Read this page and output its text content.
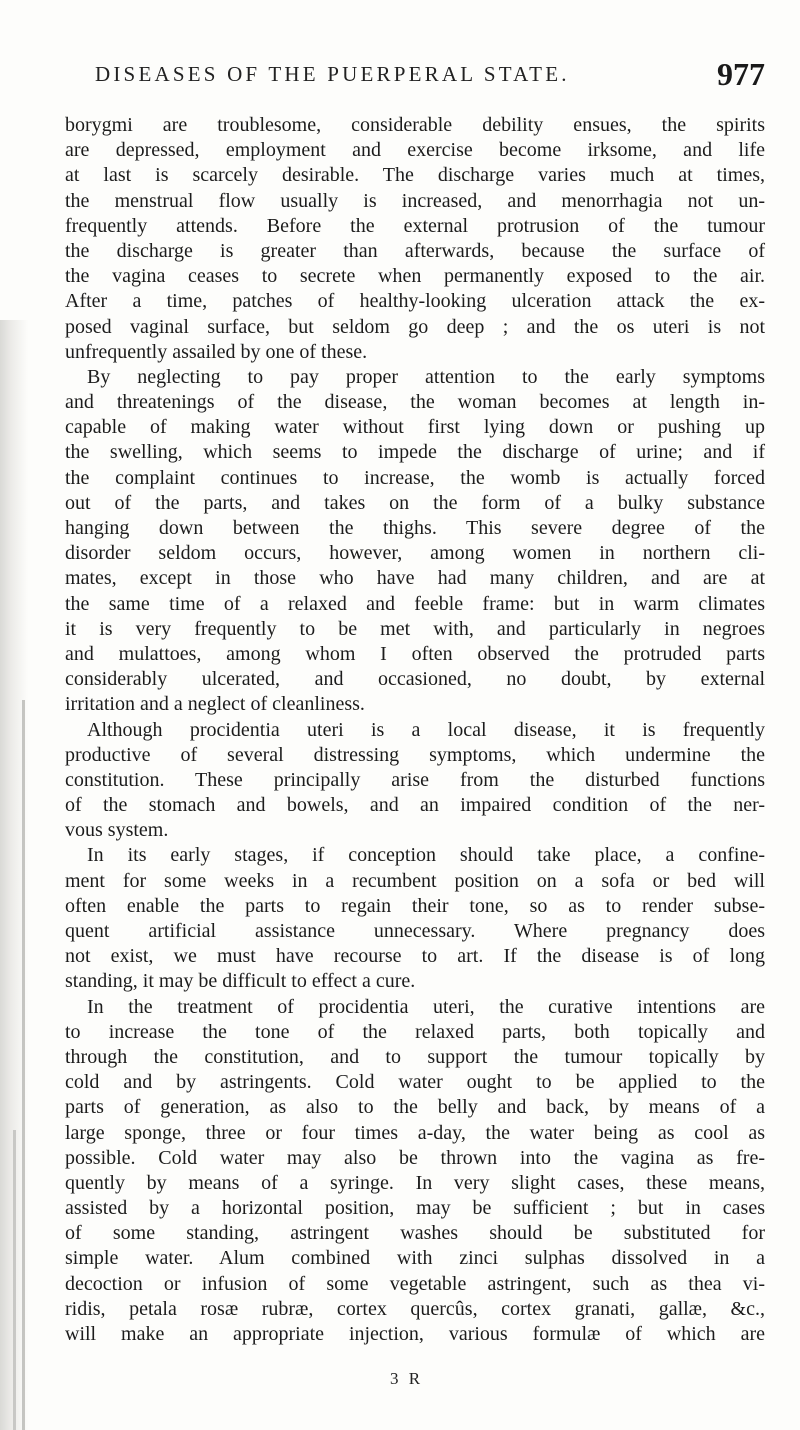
DISEASES OF THE PUERPERAL STATE.	977
borygmi are troublesome, considerable debility ensues, the spirits
are depressed, employment and exercise become irksome, and life
at last is scarcely desirable. The discharge varies much at times,
the menstrual flow usually is increased, and menorrhagia not un-
frequently attends. Before the external protrusion of the tumour
the discharge is greater than afterwards, because the surface of
the vagina ceases to secrete when permanently exposed to the air.
After a time, patches of healthy-looking ulceration attack the ex-
posed vaginal surface, but seldom go deep ; and the os uteri is not
unfrequently assailed by one of these.
By neglecting to pay proper attention to the early symptoms
and threatenings of the disease, the woman becomes at length in-
capable of making water without first lying down or pushing up
the swelling, which seems to impede the discharge of urine; and if
the complaint continues to increase, the womb is actually forced
out of the parts, and takes on the form of a bulky substance
hanging down between the thighs. This severe degree of the
disorder seldom occurs, however, among women in northern cli-
mates, except in those who have had many children, and are at
the same time of a relaxed and feeble frame: but in warm climates
it is very frequently to be met with, and particularly in negroes
and mulattoes, among whom I often observed the protruded parts
considerably ulcerated, and occasioned, no doubt, by external
irritation and a neglect of cleanliness.
Although procidentia uteri is a local disease, it is frequently
productive of several distressing symptoms, which undermine the
constitution. These principally arise from the disturbed functions
of the stomach and bowels, and an impaired condition of the ner-
vous system.
In its early stages, if conception should take place, a confine-
ment for some weeks in a recumbent position on a sofa or bed will
often enable the parts to regain their tone, so as to render subse-
quent artificial assistance unnecessary. Where pregnancy does
not exist, we must have recourse to art. If the disease is of long
standing, it may be difficult to effect a cure.
In the treatment of procidentia uteri, the curative intentions are
to increase the tone of the relaxed parts, both topically and
through the constitution, and to support the tumour topically by
cold and by astringents. Cold water ought to be applied to the
parts of generation, as also to the belly and back, by means of a
large sponge, three or four times a-day, the water being as cool as
possible. Cold water may also be thrown into the vagina as fre-
quently by means of a syringe. In very slight cases, these means,
assisted by a horizontal position, may be sufficient ; but in cases
of some standing, astringent washes should be substituted for
simple water. Alum combined with zinci sulphas dissolved in a
decoction or infusion of some vegetable astringent, such as thea vi-
ridis, petala rosæ rubræ, cortex quercûs, cortex granati, gallæ, &c.,
will make an appropriate injection, various formulæ of which are
3 R
